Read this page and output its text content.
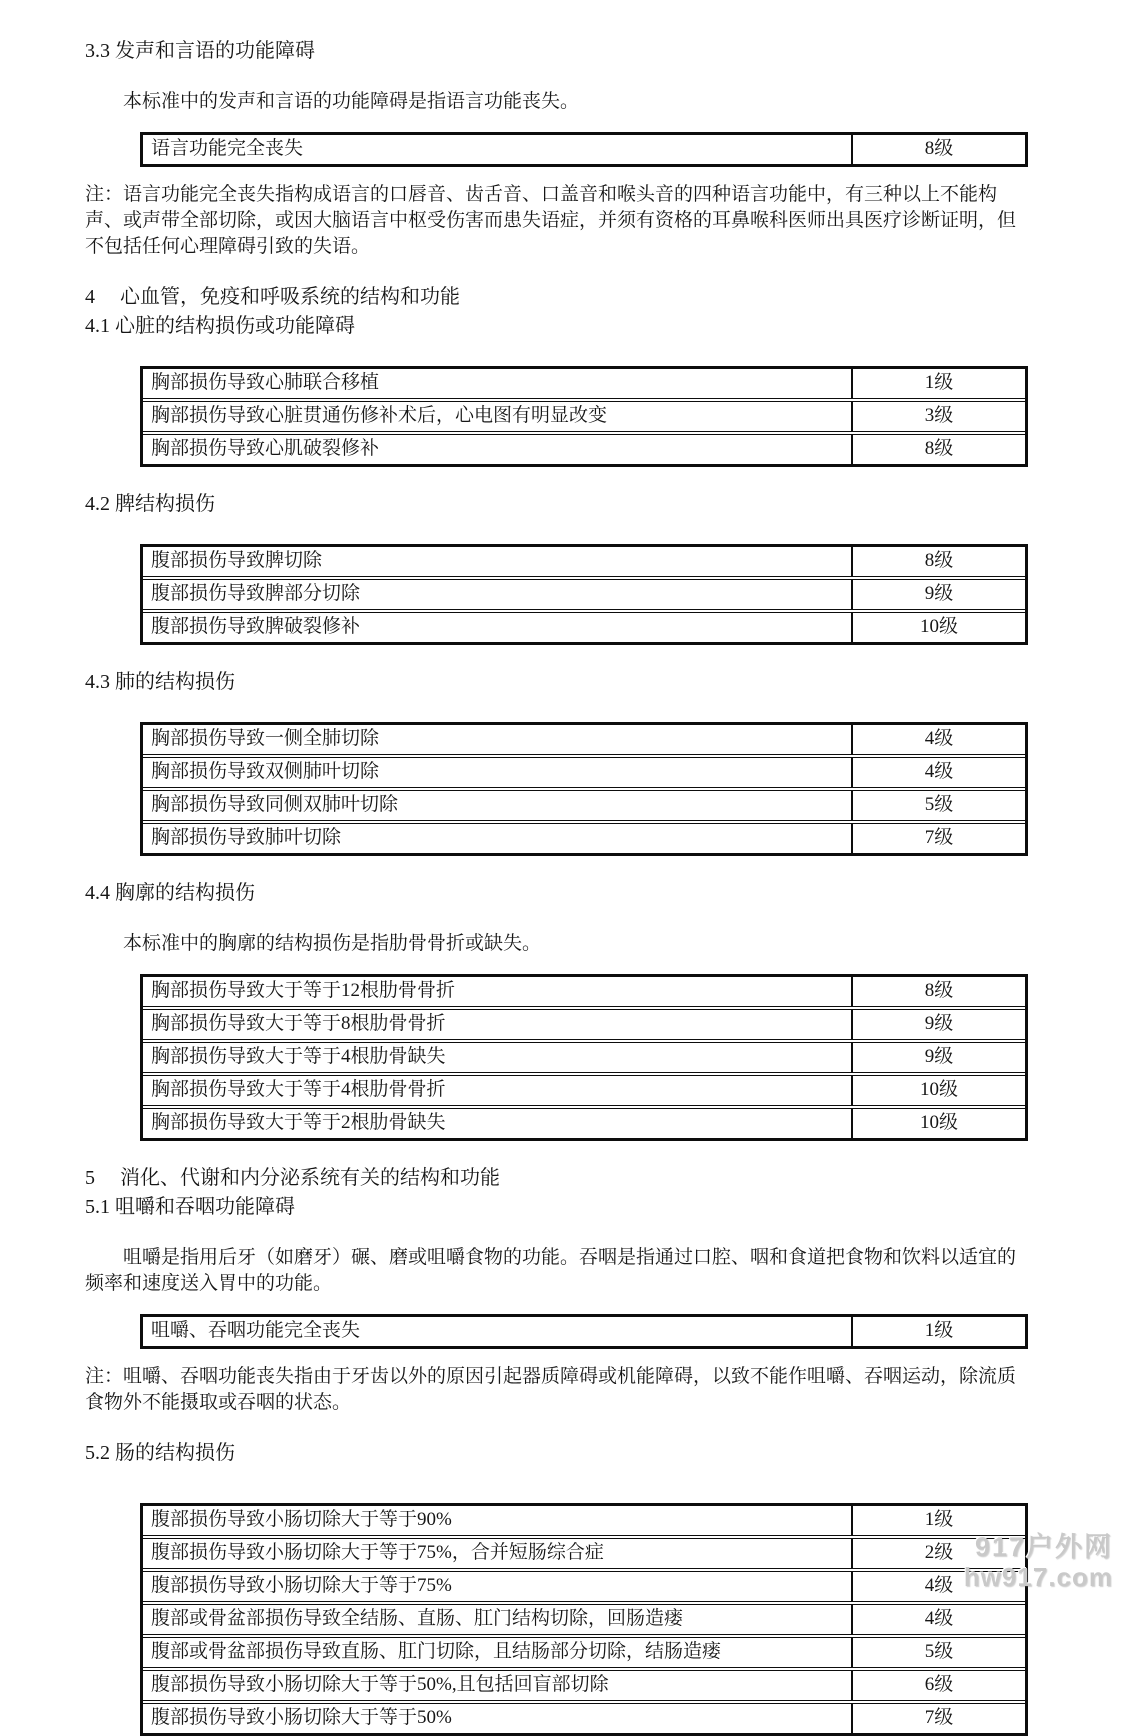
3.3 发声和言语的功能障碍
本标准中的发声和言语的功能障碍是指语言功能丧失。
语言功能完全丧失	8级
注：语言功能完全丧失指构成语言的口唇音、齿舌音、口盖音和喉头音的四种语言功能中，有三种以上不能构声、或声带全部切除，或因大脑语言中枢受伤害而患失语症，并须有资格的耳鼻喉科医师出具医疗诊断证明，但不包括任何心理障碍引致的失语。
4　 心血管，免疫和呼吸系统的结构和功能
4.1 心脏的结构损伤或功能障碍
胸部损伤导致心肺联合移植	1级
胸部损伤导致心脏贯通伤修补术后，心电图有明显改变	3级
胸部损伤导致心肌破裂修补	8级
4.2 脾结构损伤
腹部损伤导致脾切除	8级
腹部损伤导致脾部分切除	9级
腹部损伤导致脾破裂修补	10级
4.3 肺的结构损伤
胸部损伤导致一侧全肺切除	4级
胸部损伤导致双侧肺叶切除	4级
胸部损伤导致同侧双肺叶切除	5级
胸部损伤导致肺叶切除	7级
4.4 胸廓的结构损伤
本标准中的胸廓的结构损伤是指肋骨骨折或缺失。
胸部损伤导致大于等于12根肋骨骨折	8级
胸部损伤导致大于等于8根肋骨骨折	9级
胸部损伤导致大于等于4根肋骨缺失	9级
胸部损伤导致大于等于4根肋骨骨折	10级
胸部损伤导致大于等于2根肋骨缺失	10级
5　 消化、代谢和内分泌系统有关的结构和功能
5.1 咀嚼和吞咽功能障碍
咀嚼是指用后牙（如磨牙）碾、磨或咀嚼食物的功能。吞咽是指通过口腔、咽和食道把食物和饮料以适宜的频率和速度送入胃中的功能。
咀嚼、吞咽功能完全丧失	1级
注：咀嚼、吞咽功能丧失指由于牙齿以外的原因引起器质障碍或机能障碍，以致不能作咀嚼、吞咽运动，除流质食物外不能摄取或吞咽的状态。
5.2 肠的结构损伤
腹部损伤导致小肠切除大于等于90%	1级
腹部损伤导致小肠切除大于等于75%，合并短肠综合症	2级
腹部损伤导致小肠切除大于等于75%	4级
腹部或骨盆部损伤导致全结肠、直肠、肛门结构切除，回肠造瘘	4级
腹部或骨盆部损伤导致直肠、肛门切除，且结肠部分切除，结肠造瘘	5级
腹部损伤导致小肠切除大于等于50%,且包括回盲部切除	6级
腹部损伤导致小肠切除大于等于50%	7级
917户外网
hw917.com
